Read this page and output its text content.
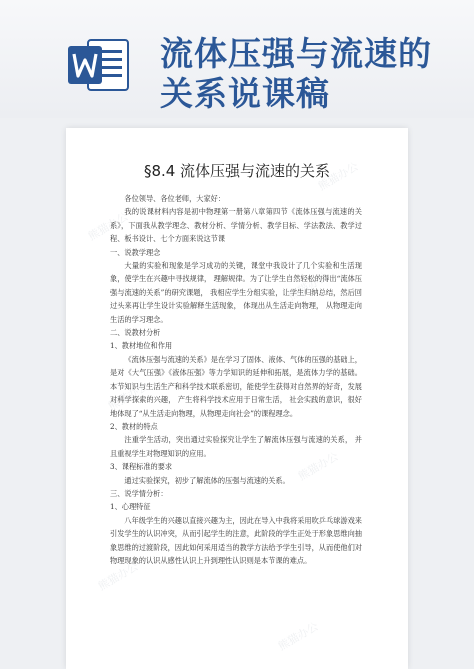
流体压强与流速的
关系说课稿
熊猫办公
熊猫办公
熊猫办公
熊猫办公
熊猫办公
熊猫办公
熊猫办公
§8.4 流体压强与流速的关系

各位领导、各位老师，大家好：

我的说课材料内容是初中物理第一册第八章第四节《流体压强与流速的关系》，下面我从教学理念、教材分析、学情分析、教学目标、学法教法、教学过程、板书设计、七个方面来说这节课

一、说教学理念

大量的实验和现象是学习成功的关键，课堂中我设计了几个实验和生活现象，使学生在兴趣中寻找规律， 理解规律。为了让学生自然轻松的得出“流体压强与流速的关系”的研究课题， 我相应学生分组实验，让学生归纳总结，然后回过头来再让学生设计实验解释生活现象， 体现出从生活走向物理， 从物理走向生活的学习理念。

二、说教材分析

1、教材地位和作用

《流体压强与流速的关系》是在学习了固体、液体、气体的压强的基础上，是对《大气压强》《液体压强》等力学知识的延伸和拓展，是流体力学的基础。本节知识与生活生产和科学技术联系密切，能使学生获得对自然界的好奇，发展对科学探索的兴趣， 产生将科学技术应用于日常生活， 社会实践的意识，很好地体现了“从生活走向物理，从物理走向社会”的课程理念。

2、教材的特点

注重学生活动，突出通过实验探究让学生了解流体压强与流速的关系， 并且重视学生对物理知识的应用。

3、课程标准的要求

通过实验探究，初步了解流体的压强与流速的关系。

三、说学情分析：

1、心理特征

八年级学生的兴趣以直接兴趣为主，因此在导入中我将采用吹乒乓球游戏来引发学生的认识冲突，从而引起学生的注意，此阶段的学生正处于形象思维向抽象思维的过渡阶段，因此如何采用适当的教学方法给予学生引导，从而使他们对物理现象的认识从感性认识上升到理性认识则是本节课的难点。
